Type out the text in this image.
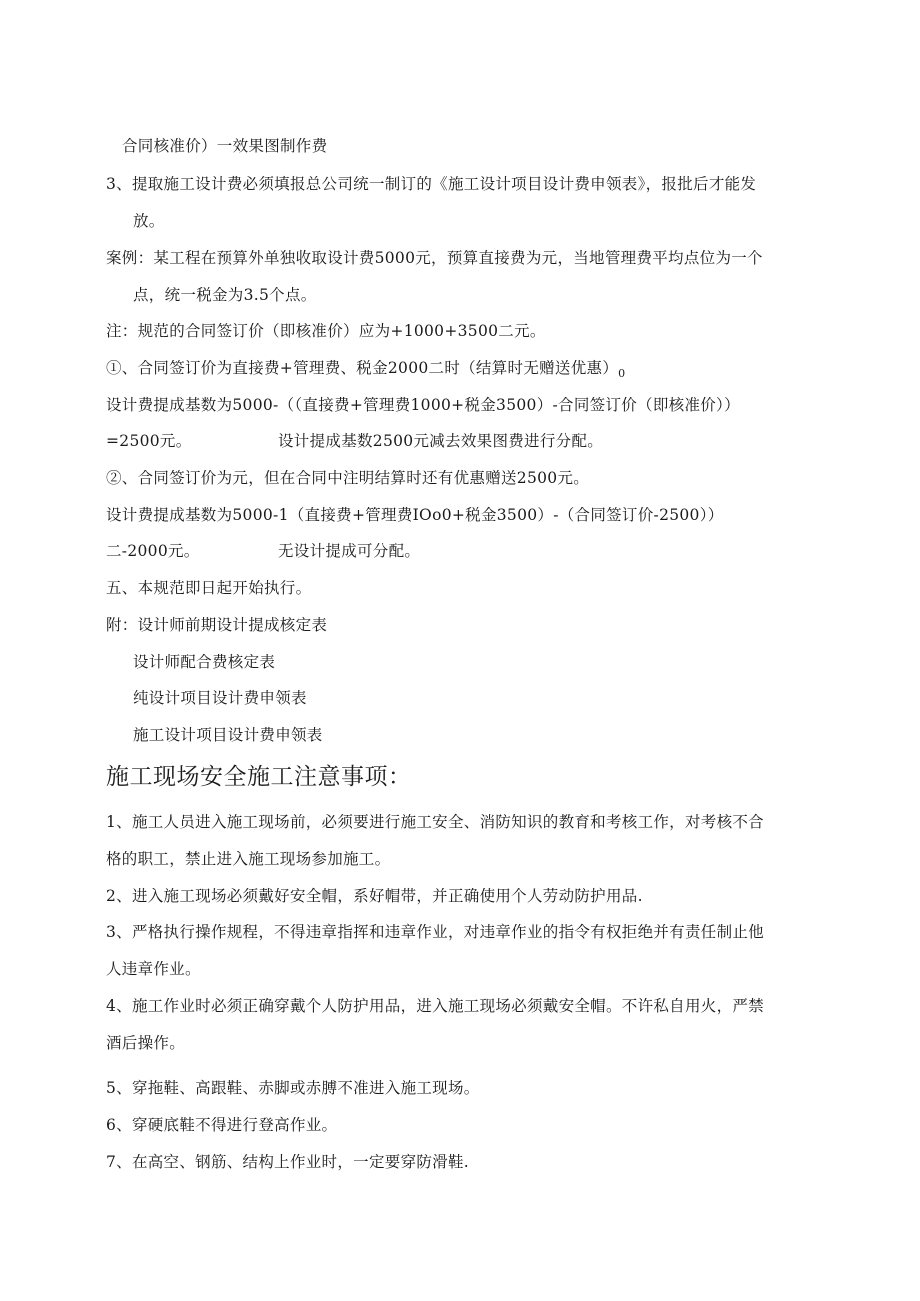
合同核准价）一效果图制作费
3、提取施工设计费必须填报总公司统一制订的《施工设计项目设计费申领表》，报批后才能发
放。
案例：某工程在预算外单独收取设计费5000元，预算直接费为元，当地管理费平均点位为一个
点，统一税金为3.5个点。
注：规范的合同签订价（即核准价）应为+1000+3500二元。
①、合同签订价为直接费+管理费、税金2000二时（结算时无赠送优惠）$_0$
设计费提成基数为5000-（（直接费+管理费1000+税金3500）-合同签订价（即核准价））
=2500元。	设计提成基数2500元减去效果图费进行分配。
②、合同签订价为元，但在合同中注明结算时还有优惠赠送2500元。
设计费提成基数为5000-1（直接费+管理费IOo0+税金3500）-（合同签订价-2500））
二-2000元。	无设计提成可分配。
五、本规范即日起开始执行。
附：设计师前期设计提成核定表
设计师配合费核定表
纯设计项目设计费申领表
施工设计项目设计费申领表
施工现场安全施工注意事项：
1、施工人员进入施工现场前，必须要进行施工安全、消防知识的教育和考核工作，对考核不合
格的职工，禁止进入施工现场参加施工。
2、进入施工现场必须戴好安全帽，系好帽带，并正确使用个人劳动防护用品.
3、严格执行操作规程，不得违章指挥和违章作业，对违章作业的指令有权拒绝并有责任制止他
人违章作业。
4、施工作业时必须正确穿戴个人防护用品，进入施工现场必须戴安全帽。不许私自用火，严禁
酒后操作。
5、穿拖鞋、高跟鞋、赤脚或赤膊不准进入施工现场。
6、穿硬底鞋不得进行登高作业。
7、在高空、钢筋、结构上作业时，一定要穿防滑鞋.
